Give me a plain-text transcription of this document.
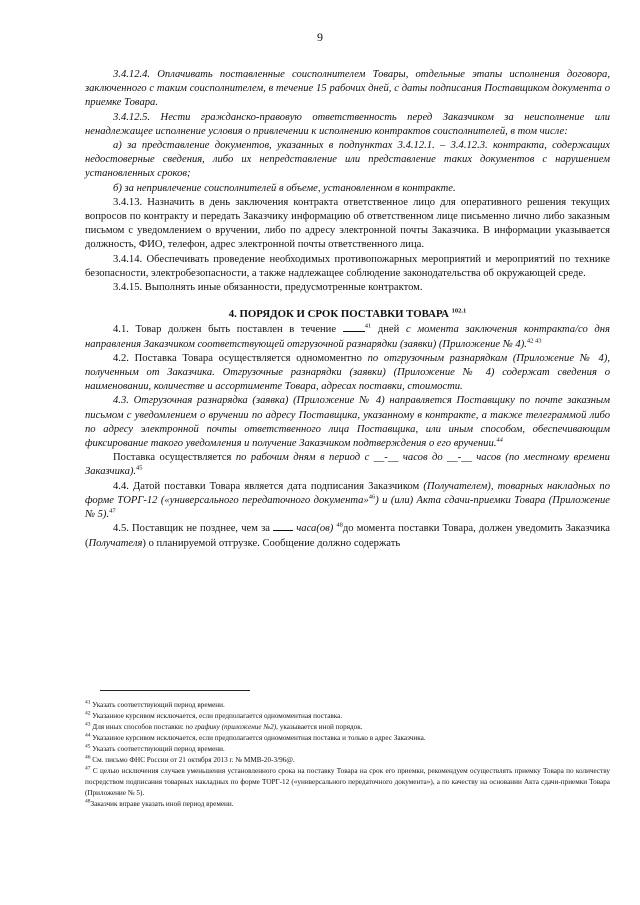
9

3.4.12.4. Оплачивать поставленные соисполнителем Товары, отдельные этапы исполнения договора, заключенного с таким соисполнителем, в течение 15 рабочих дней, с даты подписания Поставщиком документа о приемке Товара.

3.4.12.5. Нести гражданско-правовую ответственность перед Заказчиком за неисполнение или ненадлежащее исполнение условия о привлечении к исполнению контрактов соисполнителей, в том числе:

а) за представление документов, указанных в подпунктах 3.4.12.1. – 3.4.12.3. контракта, содержащих недостоверные сведения, либо их непредставление или представление таких документов с нарушением установленных сроков;

б) за непривлечение соисполнителей в объеме, установленном в контракте.

3.4.13. Назначить в день заключения контракта ответственное лицо для оперативного решения текущих вопросов по контракту и передать Заказчику информацию об ответственном лице письменно лично либо заказным письмом с уведомлением о вручении, либо по адресу электронной почты Заказчика. В информации указывается должность, ФИО, телефон, адрес электронной почты ответственного лица.

3.4.14. Обеспечивать проведение необходимых противопожарных мероприятий и мероприятий по технике безопасности, электробезопасности, а также надлежащее соблюдение законодательства об окружающей среде.

3.4.15. Выполнять иные обязанности, предусмотренные контрактом.

4. ПОРЯДОК И СРОК ПОСТАВКИ ТОВАРА $^{102.1}$

4.1. Товар должен быть поставлен в течение	$^{41}$ дней с момента заключения контракта/со дня направления Заказчиком соответствующей отгрузочной разнарядки (заявки) (Приложение № 4).$^{42 43}$

4.2. Поставка Товара осуществляется одномоментно по отгрузочным разнарядкам (Приложение № 4), полученным от Заказчика. Отгрузочные разнарядки (заявки) (Приложение № 4) содержат сведения о наименовании, количестве и ассортименте Товара, адресах поставки, стоимости.

4.3. Отгрузочная разнарядка (заявка) (Приложение № 4) направляется Поставщику по почте заказным письмом с уведомлением о вручении по адресу Поставщика, указанному в контракте, а также телеграммой либо по адресу электронной почты ответственного лица Поставщика, или иным способом, обеспечивающим фиксирование такого уведомления и получение Заказчиком подтверждения о его вручении.$^{44}$

Поставка осуществляется по рабочим дням в период с __-__ часов до __-__ часов (по местному времени Заказчика).$^{45}$

4.4. Датой поставки Товара является дата подписания Заказчиком (Получателем), товарных накладных по форме ТОРГ-12 («универсального передаточного документа»$^{46}$) и (или) Акта сдачи-приемки Товара (Приложение № 5).$^{47}$

4.5. Поставщик не позднее, чем за часа(ов) $^{48}$до момента поставки Товара, должен уведомить Заказчика (Получателя) о планируемой отгрузке. Сообщение должно содержать

$^{41}$ Указать соответствующий период времени.
$^{42}$ Указанное курсивом исключается, если предполагается одномоментная поставка.
$^{43}$ Для иных способов поставки: по графику (приложение №2), указывается иной порядок.
$^{44}$ Указанное курсивом исключается, если предполагается одномоментная поставка и только в адрес Заказчика.
$^{45}$ Указать соответствующий период времени.
$^{46}$ См. письмо ФНС России от 21 октября 2013 г. № ММВ-20-3/96@.
$^{47}$ С целью исключения случаев уменьшения установленного срока на поставку Товара на срок его приемки, рекомендуем осуществлять приемку Товара по количеству посредством подписания товарных накладных по форме ТОРГ-12 («универсального передаточного документа»), а по качеству на основании Акта сдачи-приемки Товара (Приложение № 5).
$^{48}$Заказчик вправе указать иной период времени.
